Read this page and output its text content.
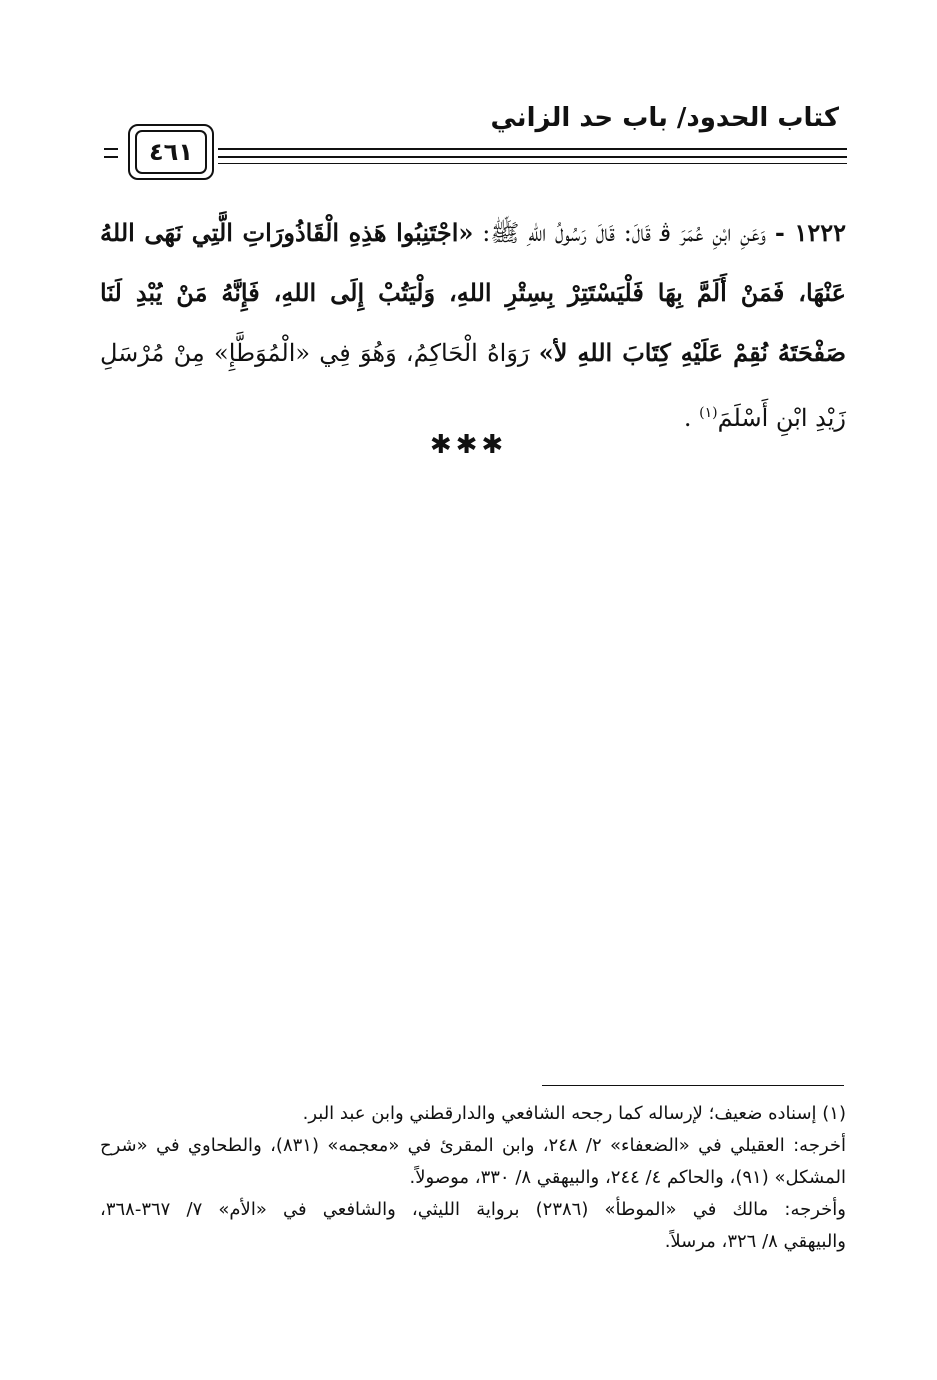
كتاب الحدود/ باب حد الزاني
٤٦١
١٢٢٢ - وَعَنِ ابْنِ عُمَرَ ﭬ قَالَ: قَالَ رَسُولُ اللهِ ﷺ: «اجْتَنِبُوا هَذِهِ الْقَاذُورَاتِ الَّتِي نَهَى اللهُ عَنْهَا، فَمَنْ أَلَمَّ بِهَا فَلْيَسْتَتِرْ بِسِتْرِ اللهِ، وَلْيَتُبْ إِلَى اللهِ، فَإِنَّهُ مَنْ يُبْدِ لَنَا صَفْحَتَهُ نُقِمْ عَلَيْهِ كِتَابَ اللهِ ﻷ» رَوَاهُ الْحَاكِمُ، وَهُوَ فِي «الْمُوَطَّإِ» مِنْ مُرْسَلِ زَيْدِ ابْنِ أَسْلَمَ$^{(١)}$ .
✱✱✱
(١) إسناده ضعيف؛ لإرساله كما رجحه الشافعي والدارقطني وابن عبد البر.
أخرجه: العقيلي في «الضعفاء» ٢/ ٢٤٨، وابن المقرئ في «معجمه» (٨٣١)، والطحاوي في «شرح
المشكل» (٩١)، والحاكم ٤/ ٢٤٤، والبيهقي ٨/ ٣٣٠، موصولاً.
وأخرجه: مالك في «الموطأ» (٢٣٨٦) برواية الليثي، والشافعي في «الأم» ٧/ ٣٦٧-٣٦٨،
والبيهقي ٨/ ٣٢٦، مرسلاً.
